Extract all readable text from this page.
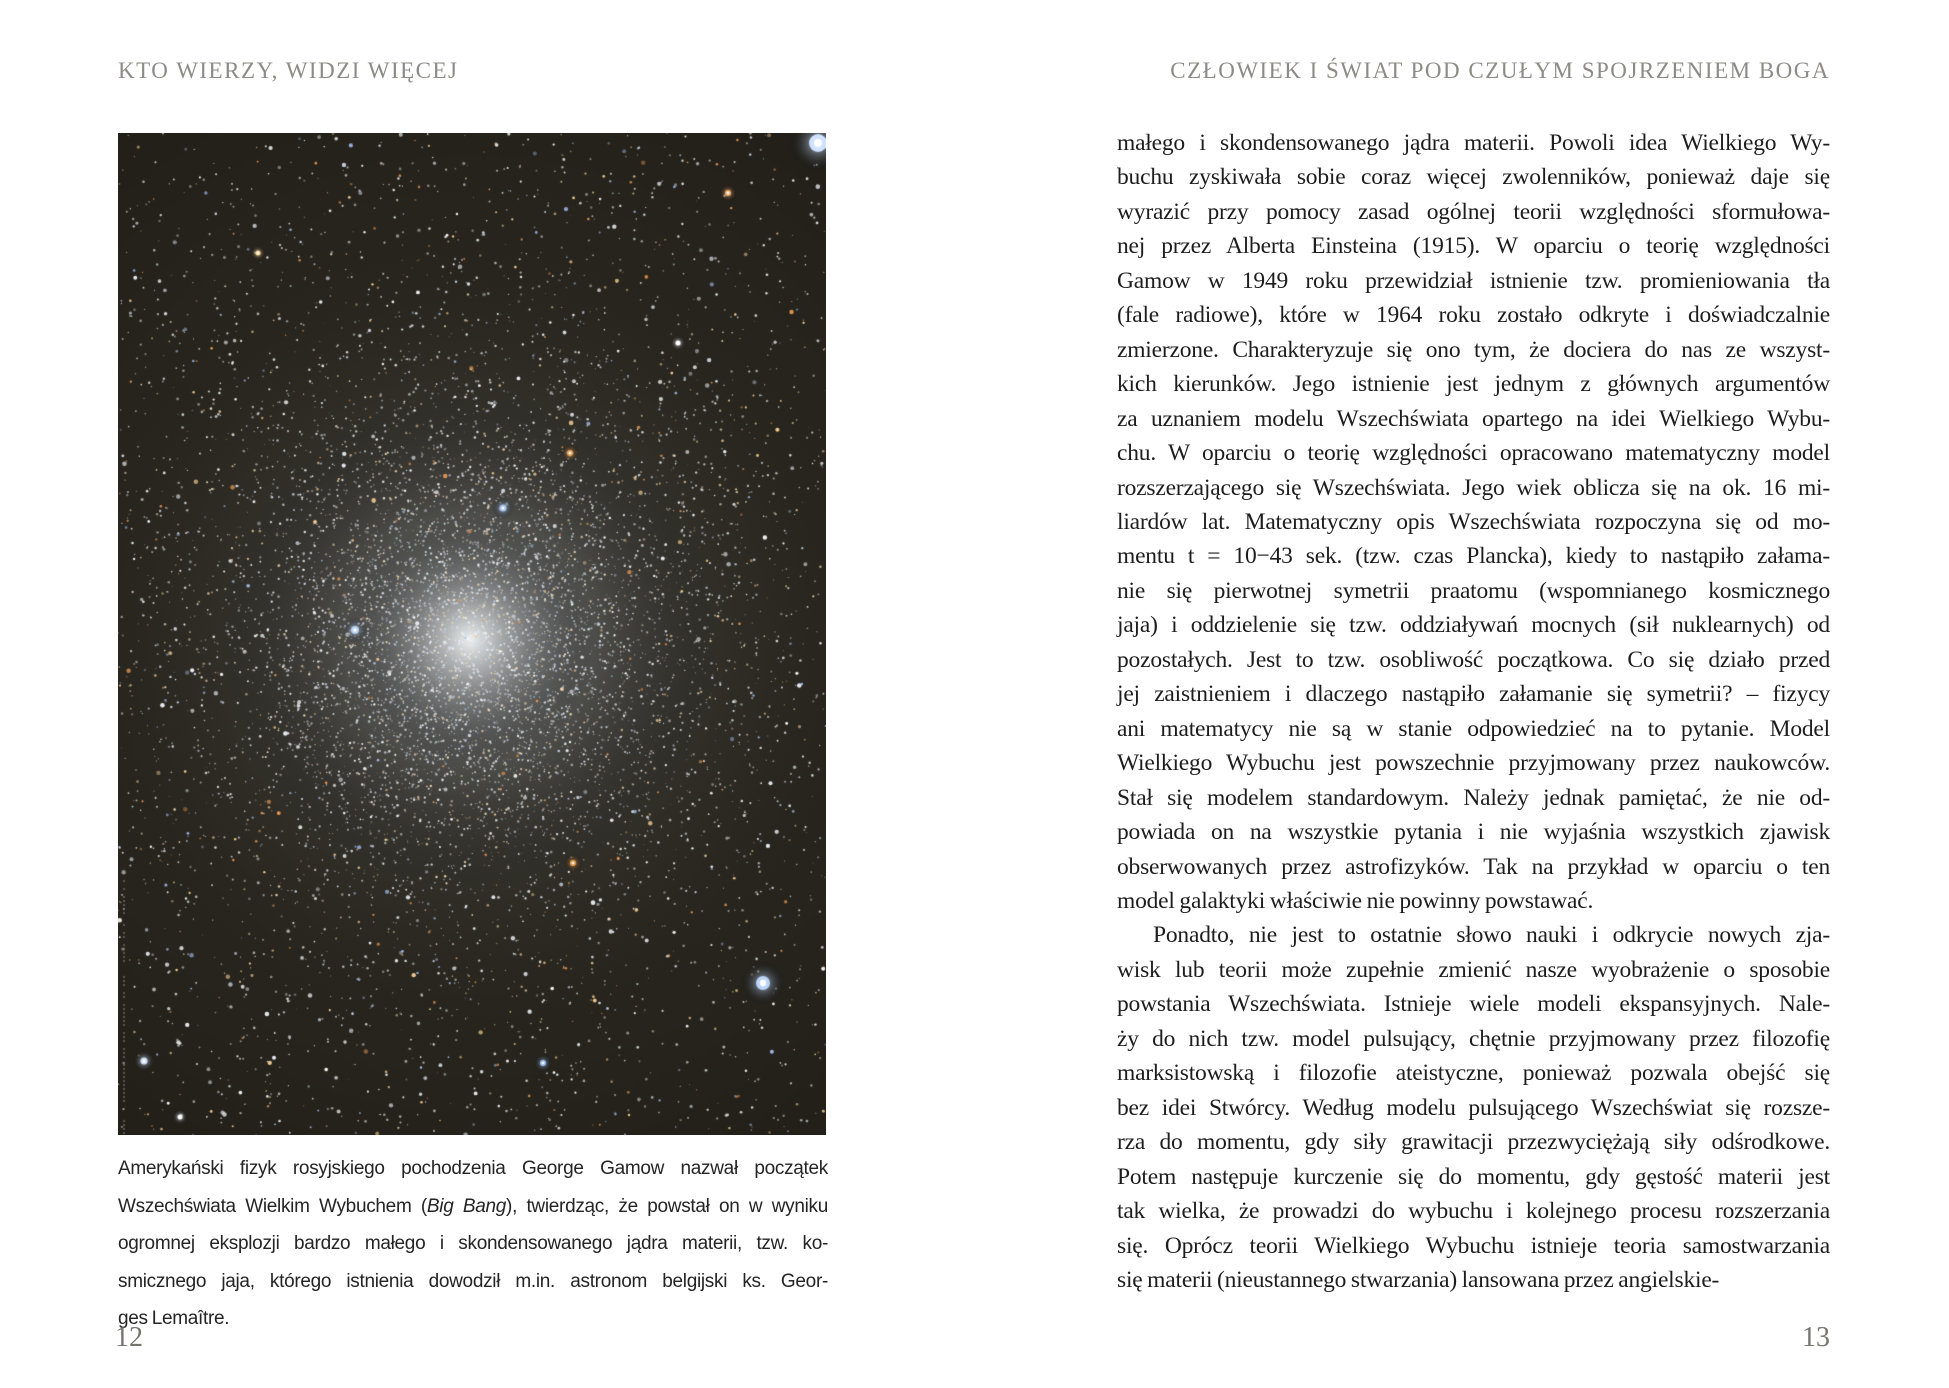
KTO WIERZY, WIDZI WIĘCEJ	CZŁOWIEK I ŚWIAT POD CZUŁYM SPOJRZENIEM BOGA
Amerykański fizyk rosyjskiego pochodzenia George Gamow nazwał początek
Wszechświata Wielkim Wybuchem (Big Bang), twierdząc, że powstał on w wyniku
ogromnej eksplozji bardzo małego i skondensowanego jądra materii, tzw. ko-
smicznego jaja, którego istnienia dowodził m.in. astronom belgijski ks. Geor-
ges Lemaître.
małego i skondensowanego jądra materii. Powoli idea Wielkiego Wy-
buchu zyskiwała sobie coraz więcej zwolenników, ponieważ daje się
wyrazić przy pomocy zasad ogólnej teorii względności sformułowa-
nej przez Alberta Einsteina (1915). W oparciu o teorię względności
Gamow w 1949 roku przewidział istnienie tzw. promieniowania tła
(fale radiowe), które w 1964 roku zostało odkryte i doświadczalnie
zmierzone. Charakteryzuje się ono tym, że dociera do nas ze wszyst-
kich kierunków. Jego istnienie jest jednym z głównych argumentów
za uznaniem modelu Wszechświata opartego na idei Wielkiego Wybu-
chu. W oparciu o teorię względności opracowano matematyczny model
rozszerzającego się Wszechświata. Jego wiek oblicza się na ok. 16 mi-
liardów lat. Matematyczny opis Wszechświata rozpoczyna się od mo-
mentu t = 10−43 sek. (tzw. czas Plancka), kiedy to nastąpiło załama-
nie się pierwotnej symetrii praatomu (wspomnianego kosmicznego
jaja) i oddzielenie się tzw. oddziaływań mocnych (sił nuklearnych) od
pozostałych. Jest to tzw. osobliwość początkowa. Co się działo przed
jej zaistnieniem i dlaczego nastąpiło załamanie się symetrii? – fizycy
ani matematycy nie są w stanie odpowiedzieć na to pytanie. Model
Wielkiego Wybuchu jest powszechnie przyjmowany przez naukowców.
Stał się modelem standardowym. Należy jednak pamiętać, że nie od-
powiada on na wszystkie pytania i nie wyjaśnia wszystkich zjawisk
obserwowanych przez astrofizyków. Tak na przykład w oparciu o ten
model galaktyki właściwie nie powinny powstawać.
Ponadto, nie jest to ostatnie słowo nauki i odkrycie nowych zja-
wisk lub teorii może zupełnie zmienić nasze wyobrażenie o sposobie
powstania Wszechświata. Istnieje wiele modeli ekspansyjnych. Nale-
ży do nich tzw. model pulsujący, chętnie przyjmowany przez filozofię
marksistowską i filozofie ateistyczne, ponieważ pozwala obejść się
bez idei Stwórcy. Według modelu pulsującego Wszechświat się rozsze-
rza do momentu, gdy siły grawitacji przezwyciężają siły odśrodkowe.
Potem następuje kurczenie się do momentu, gdy gęstość materii jest
tak wielka, że prowadzi do wybuchu i kolejnego procesu rozszerzania
się. Oprócz teorii Wielkiego Wybuchu istnieje teoria samostwarzania
się materii (nieustannego stwarzania) lansowana przez angielskie-
12	13
